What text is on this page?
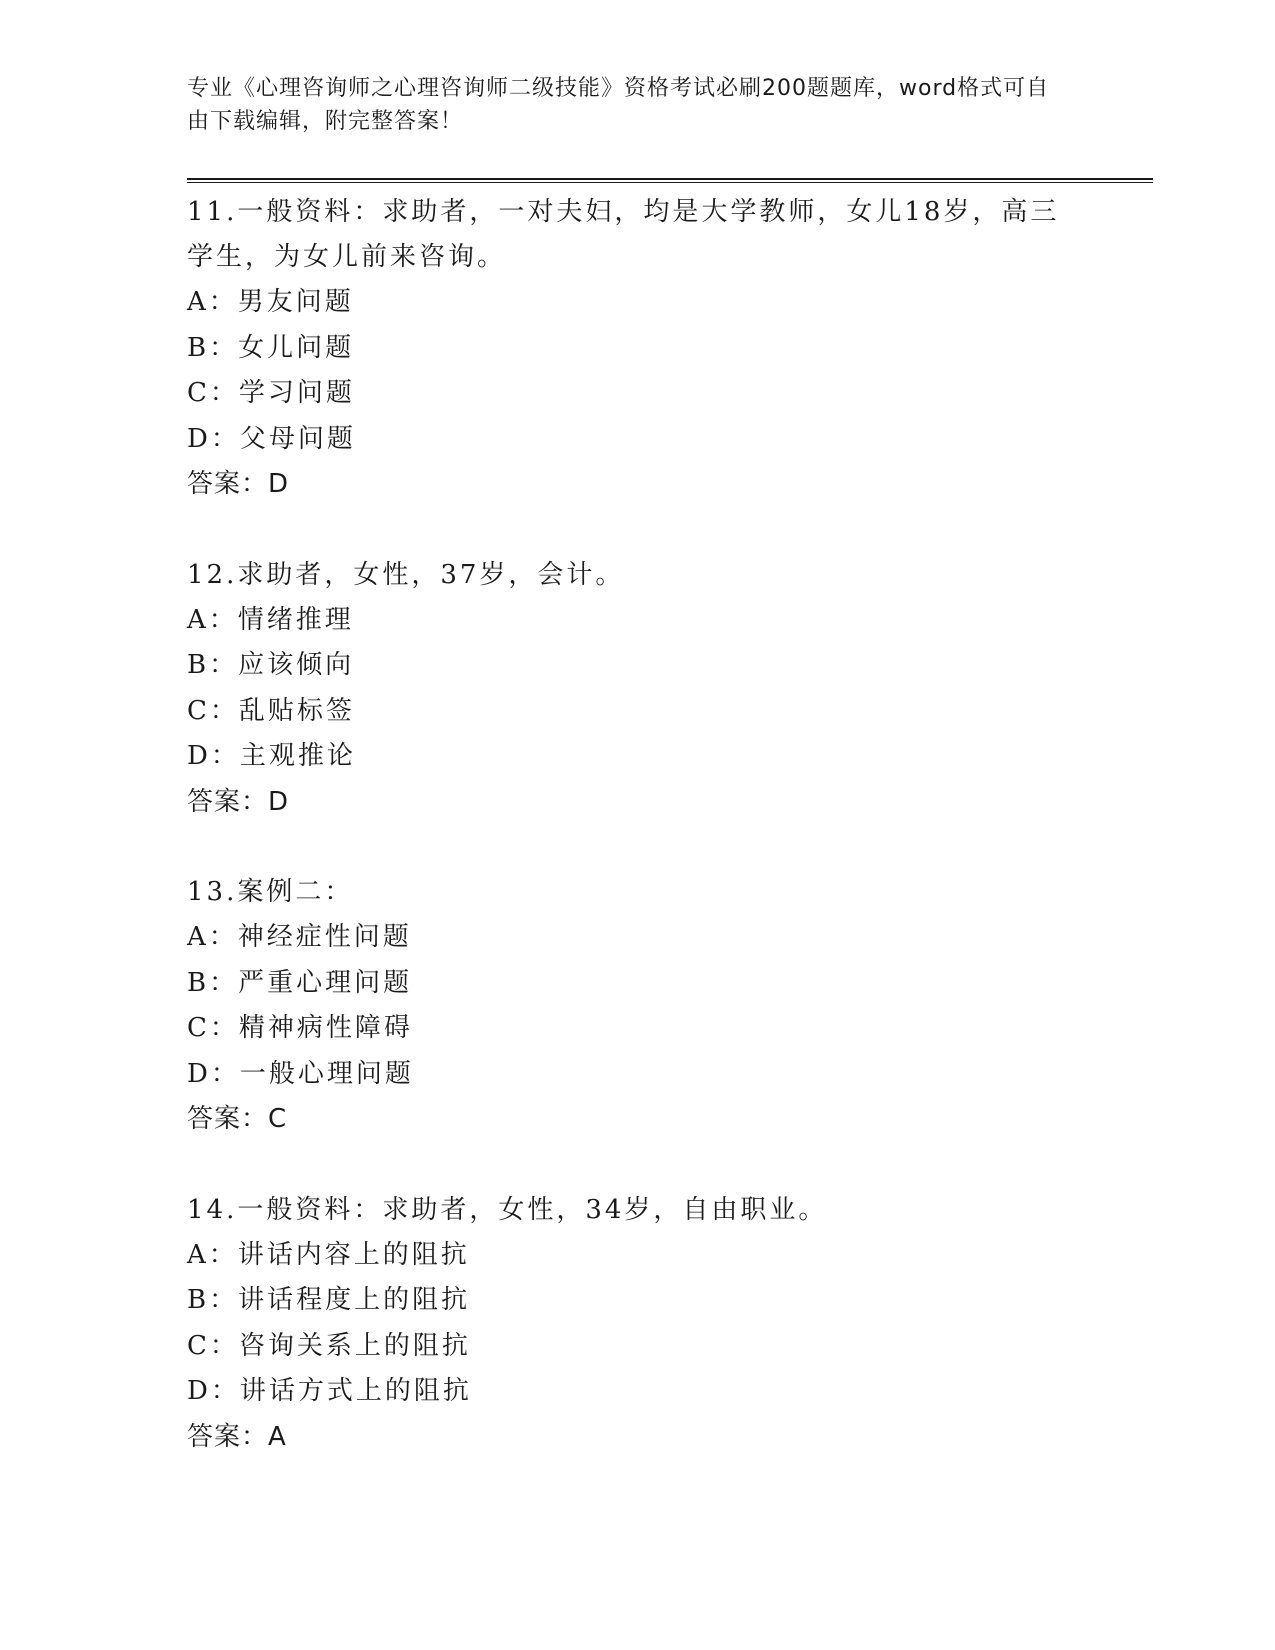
专业《心理咨询师之心理咨询师二级技能》资格考试必刷200题题库，word格式可自由下载编辑，附完整答案！
11.一般资料：求助者，一对夫妇，均是大学教师，女儿18岁，高三学生，为女儿前来咨询。
A：男友问题
B：女儿问题
C：学习问题
D：父母问题
答案：D
12.求助者，女性，37岁，会计。
A：情绪推理
B：应该倾向
C：乱贴标签
D：主观推论
答案：D
13.案例二：
A：神经症性问题
B：严重心理问题
C：精神病性障碍
D：一般心理问题
答案：C
14.一般资料：求助者，女性，34岁，自由职业。
A：讲话内容上的阻抗
B：讲话程度上的阻抗
C：咨询关系上的阻抗
D：讲话方式上的阻抗
答案：A
